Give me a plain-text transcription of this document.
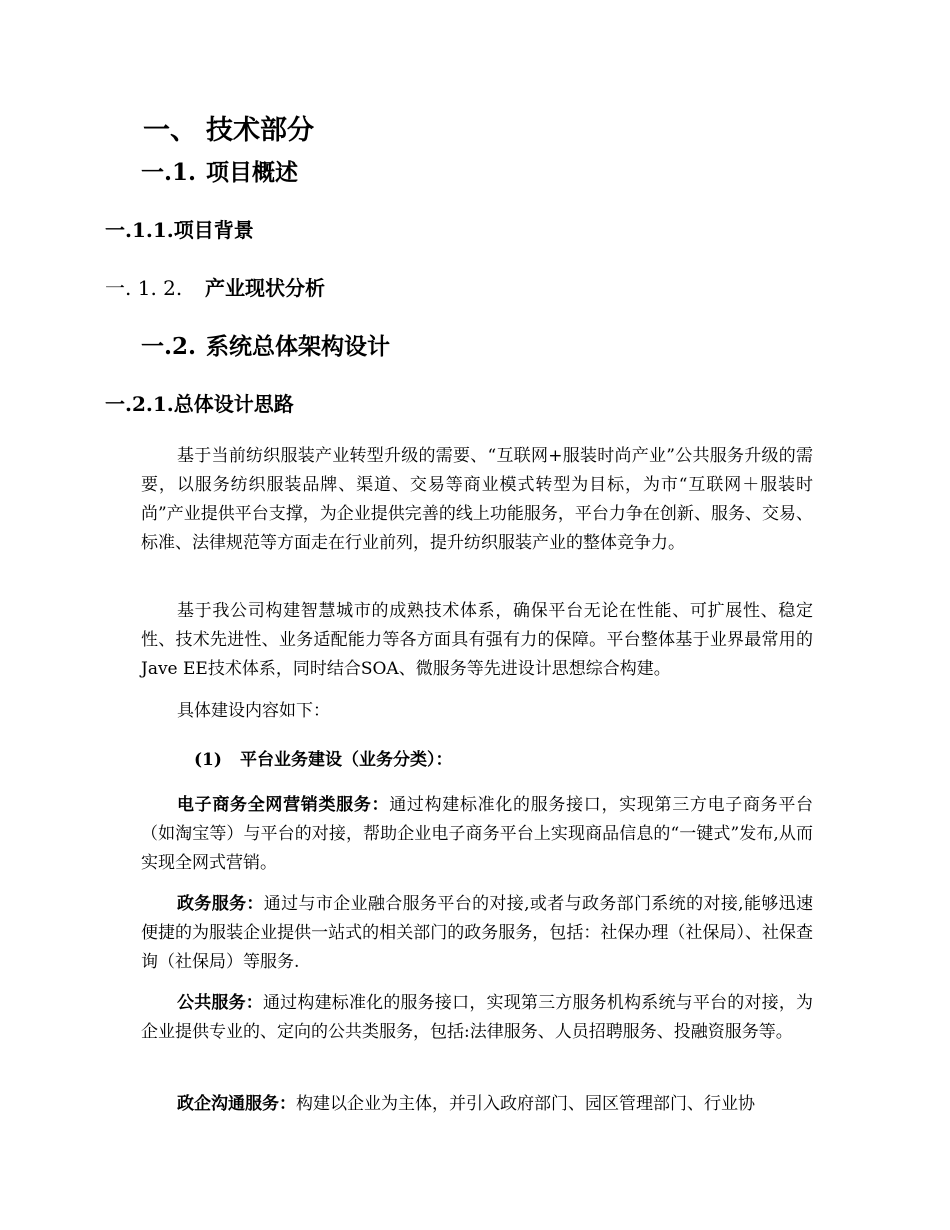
一、 技术部分
一.1. 项目概述
一.1.1.项目背景
一. 1. 2. 产业现状分析
一.2. 系统总体架构设计
一.2.1.总体设计思路

基于当前纺织服装产业转型升级的需要、“互联网+服装时尚产业”公共服务升级的需要，以服务纺织服装品牌、渠道、交易等商业模式转型为目标，为市“互联网＋服装时尚”产业提供平台支撑，为企业提供完善的线上功能服务，平台力争在创新、服务、交易、标准、法律规范等方面走在行业前列，提升纺织服装产业的整体竞争力。

基于我公司构建智慧城市的成熟技术体系，确保平台无论在性能、可扩展性、稳定性、技术先进性、业务适配能力等各方面具有强有力的保障。平台整体基于业界最常用的Jave EE技术体系，同时结合SOA、微服务等先进设计思想综合构建。

具体建设内容如下：

(1) 平台业务建设（业务分类）：

电子商务全网营销类服务：通过构建标准化的服务接口，实现第三方电子商务平台（如淘宝等）与平台的对接，帮助企业电子商务平台上实现商品信息的“一键式”发布,从而实现全网式营销。

政务服务：通过与市企业融合服务平台的对接,或者与政务部门系统的对接,能够迅速便捷的为服装企业提供一站式的相关部门的政务服务，包括：社保办理（社保局）、社保查询（社保局）等服务.

公共服务：通过构建标准化的服务接口，实现第三方服务机构系统与平台的对接，为企业提供专业的、定向的公共类服务，包括:法律服务、人员招聘服务、投融资服务等。

政企沟通服务：构建以企业为主体，并引入政府部门、园区管理部门、行业协
